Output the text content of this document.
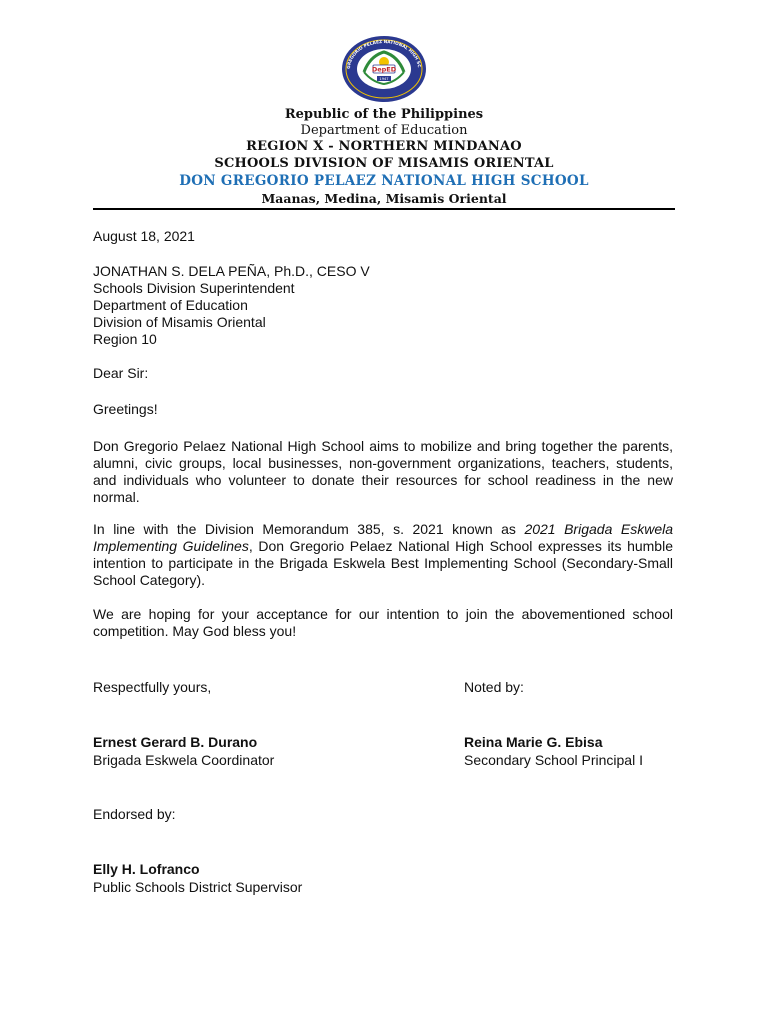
DepED
1947
GREGORIO PELAEZ NATIONAL HIGH SC
Republic of the Philippines
Department of Education
REGION X - NORTHERN MINDANAO
SCHOOLS DIVISION OF MISAMIS ORIENTAL
DON GREGORIO PELAEZ NATIONAL HIGH SCHOOL
Maanas, Medina, Misamis Oriental
August 18, 2021
JONATHAN S. DELA PEÑA, Ph.D., CESO V
Schools Division Superintendent
Department of Education
Division of Misamis Oriental
Region 10
Dear Sir:
Greetings!
Don Gregorio Pelaez National High School aims to mobilize and bring together the parents, alumni, civic groups, local businesses, non-government organizations, teachers, students, and individuals who volunteer to donate their resources for school readiness in the new normal.
In line with the Division Memorandum 385, s. 2021 known as 2021 Brigada Eskwela Implementing Guidelines, Don Gregorio Pelaez National High School expresses its humble intention to participate in the Brigada Eskwela Best Implementing School (Secondary-Small School Category).
We are hoping for your acceptance for our intention to join the abovementioned school competition. May God bless you!
Respectfully yours,	Noted by:
Ernest Gerard B. Durano
Brigada Eskwela Coordinator
Reina Marie G. Ebisa
Secondary School Principal I
Endorsed by:
Elly H. Lofranco
Public Schools District Supervisor
